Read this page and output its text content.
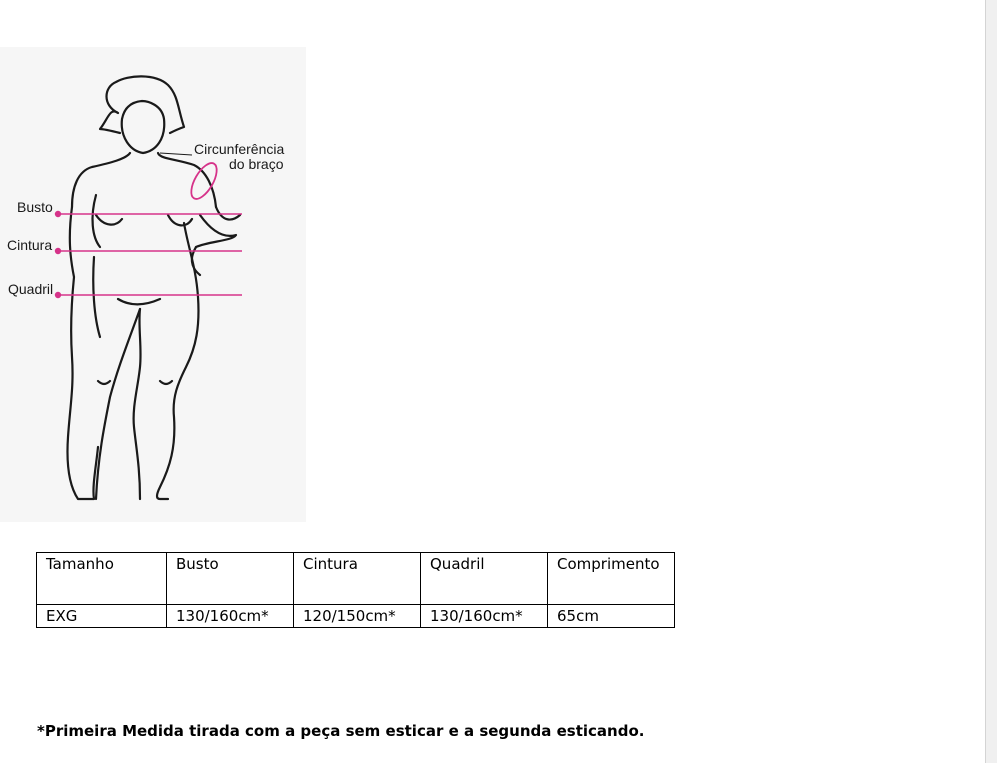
Busto
Cintura
Quadril
Circunferência
do braço
Tamanho	Busto	Cintura	Quadril	Comprimento
EXG	130/160cm*	120/150cm*	130/160cm*	65cm
*Primeira Medida tirada com a peça sem esticar e a segunda esticando.
